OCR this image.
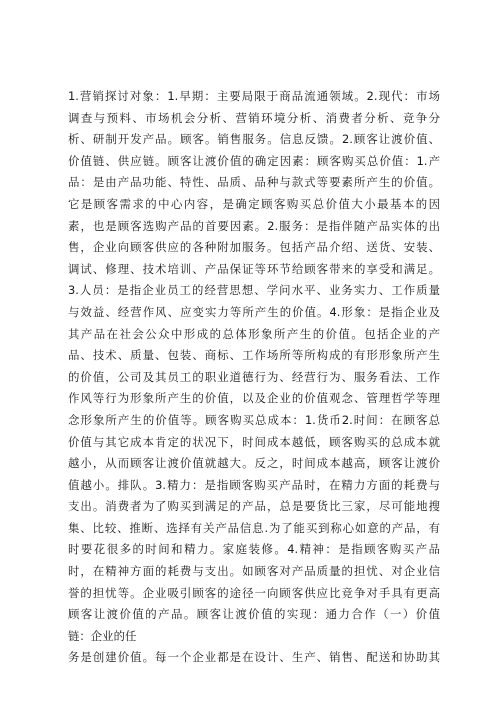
1.营销探讨对象：1.早期：主要局限于商品流通领域。2.现代：市场
调查与预料、市场机会分析、营销环境分析、消费者分析、竞争分
析、研制开发产品。顾客。销售服务。信息反馈。2.顾客让渡价值、
价值链、供应链。顾客让渡价值的确定因素：顾客购买总价值：1.产
品：是由产品功能、特性、品质、品种与款式等要素所产生的价值。
它是顾客需求的中心内容，是确定顾客购买总价值大小最基本的因
素，也是顾客选购产品的首要因素。2.服务：是指伴随产品实体的出
售，企业向顾客供应的各种附加服务。包括产品介绍、送货、安装、
调试、修理、技术培训、产品保证等环节给顾客带来的享受和满足。
3.人员：是指企业员工的经营思想、学问水平、业务实力、工作质量
与效益、经营作风、应变实力等所产生的价值。4.形象：是指企业及
其产品在社会公众中形成的总体形象所产生的价值。包括企业的产
品、技术、质量、包装、商标、工作场所等所构成的有形形象所产生
的价值，公司及其员工的职业道德行为、经营行为、服务看法、工作
作风等行为形象所产生的价值，以及企业的价值观念、管理哲学等理
念形象所产生的价值等。顾客购买总成本：1.货币2.时间：在顾客总
价值与其它成本肯定的状况下，时间成本越低，顾客购买的总成本就
越小，从而顾客让渡价值就越大。反之，时间成本越高，顾客让渡价
值越小。排队。3.精力：是指顾客购买产品时，在精力方面的耗费与
支出。消费者为了购买到满足的产品，总是要货比三家，尽可能地搜
集、比较、推断、选择有关产品信息.为了能买到称心如意的产品，有
时要花很多的时间和精力。家庭装修。4.精神：是指顾客购买产品
时，在精神方面的耗费与支出。如顾客对产品质量的担忧、对企业信
誉的担忧等。企业吸引顾客的途径一向顾客供应比竞争对手具有更高
顾客让渡价值的产品。顾客让渡价值的实现：通力合作（一）价值
链：企业的任
务是创建价值。每一个企业都是在设计、生产、销售、配送和协助其
